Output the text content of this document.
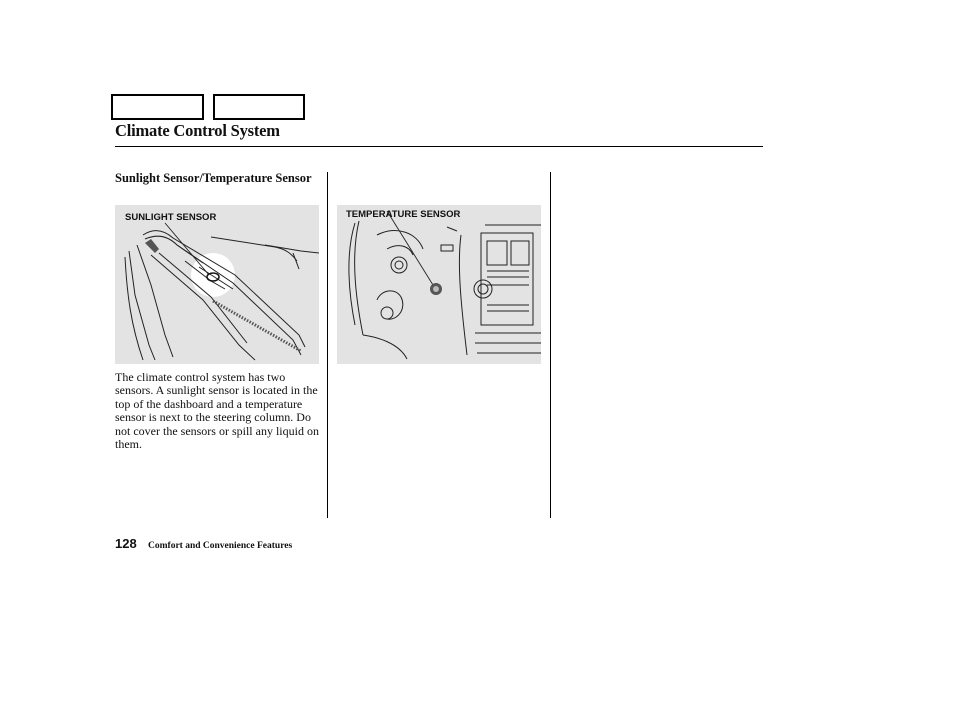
Climate Control System
Sunlight Sensor/Temperature Sensor
SUNLIGHT SENSOR	TEMPERATURE SENSOR
The climate control system has two sensors. A sunlight sensor is located in the top of the dashboard and a temperature sensor is next to the steering column. Do not cover the sensors or spill any liquid on them.
128 Comfort and Convenience Features
